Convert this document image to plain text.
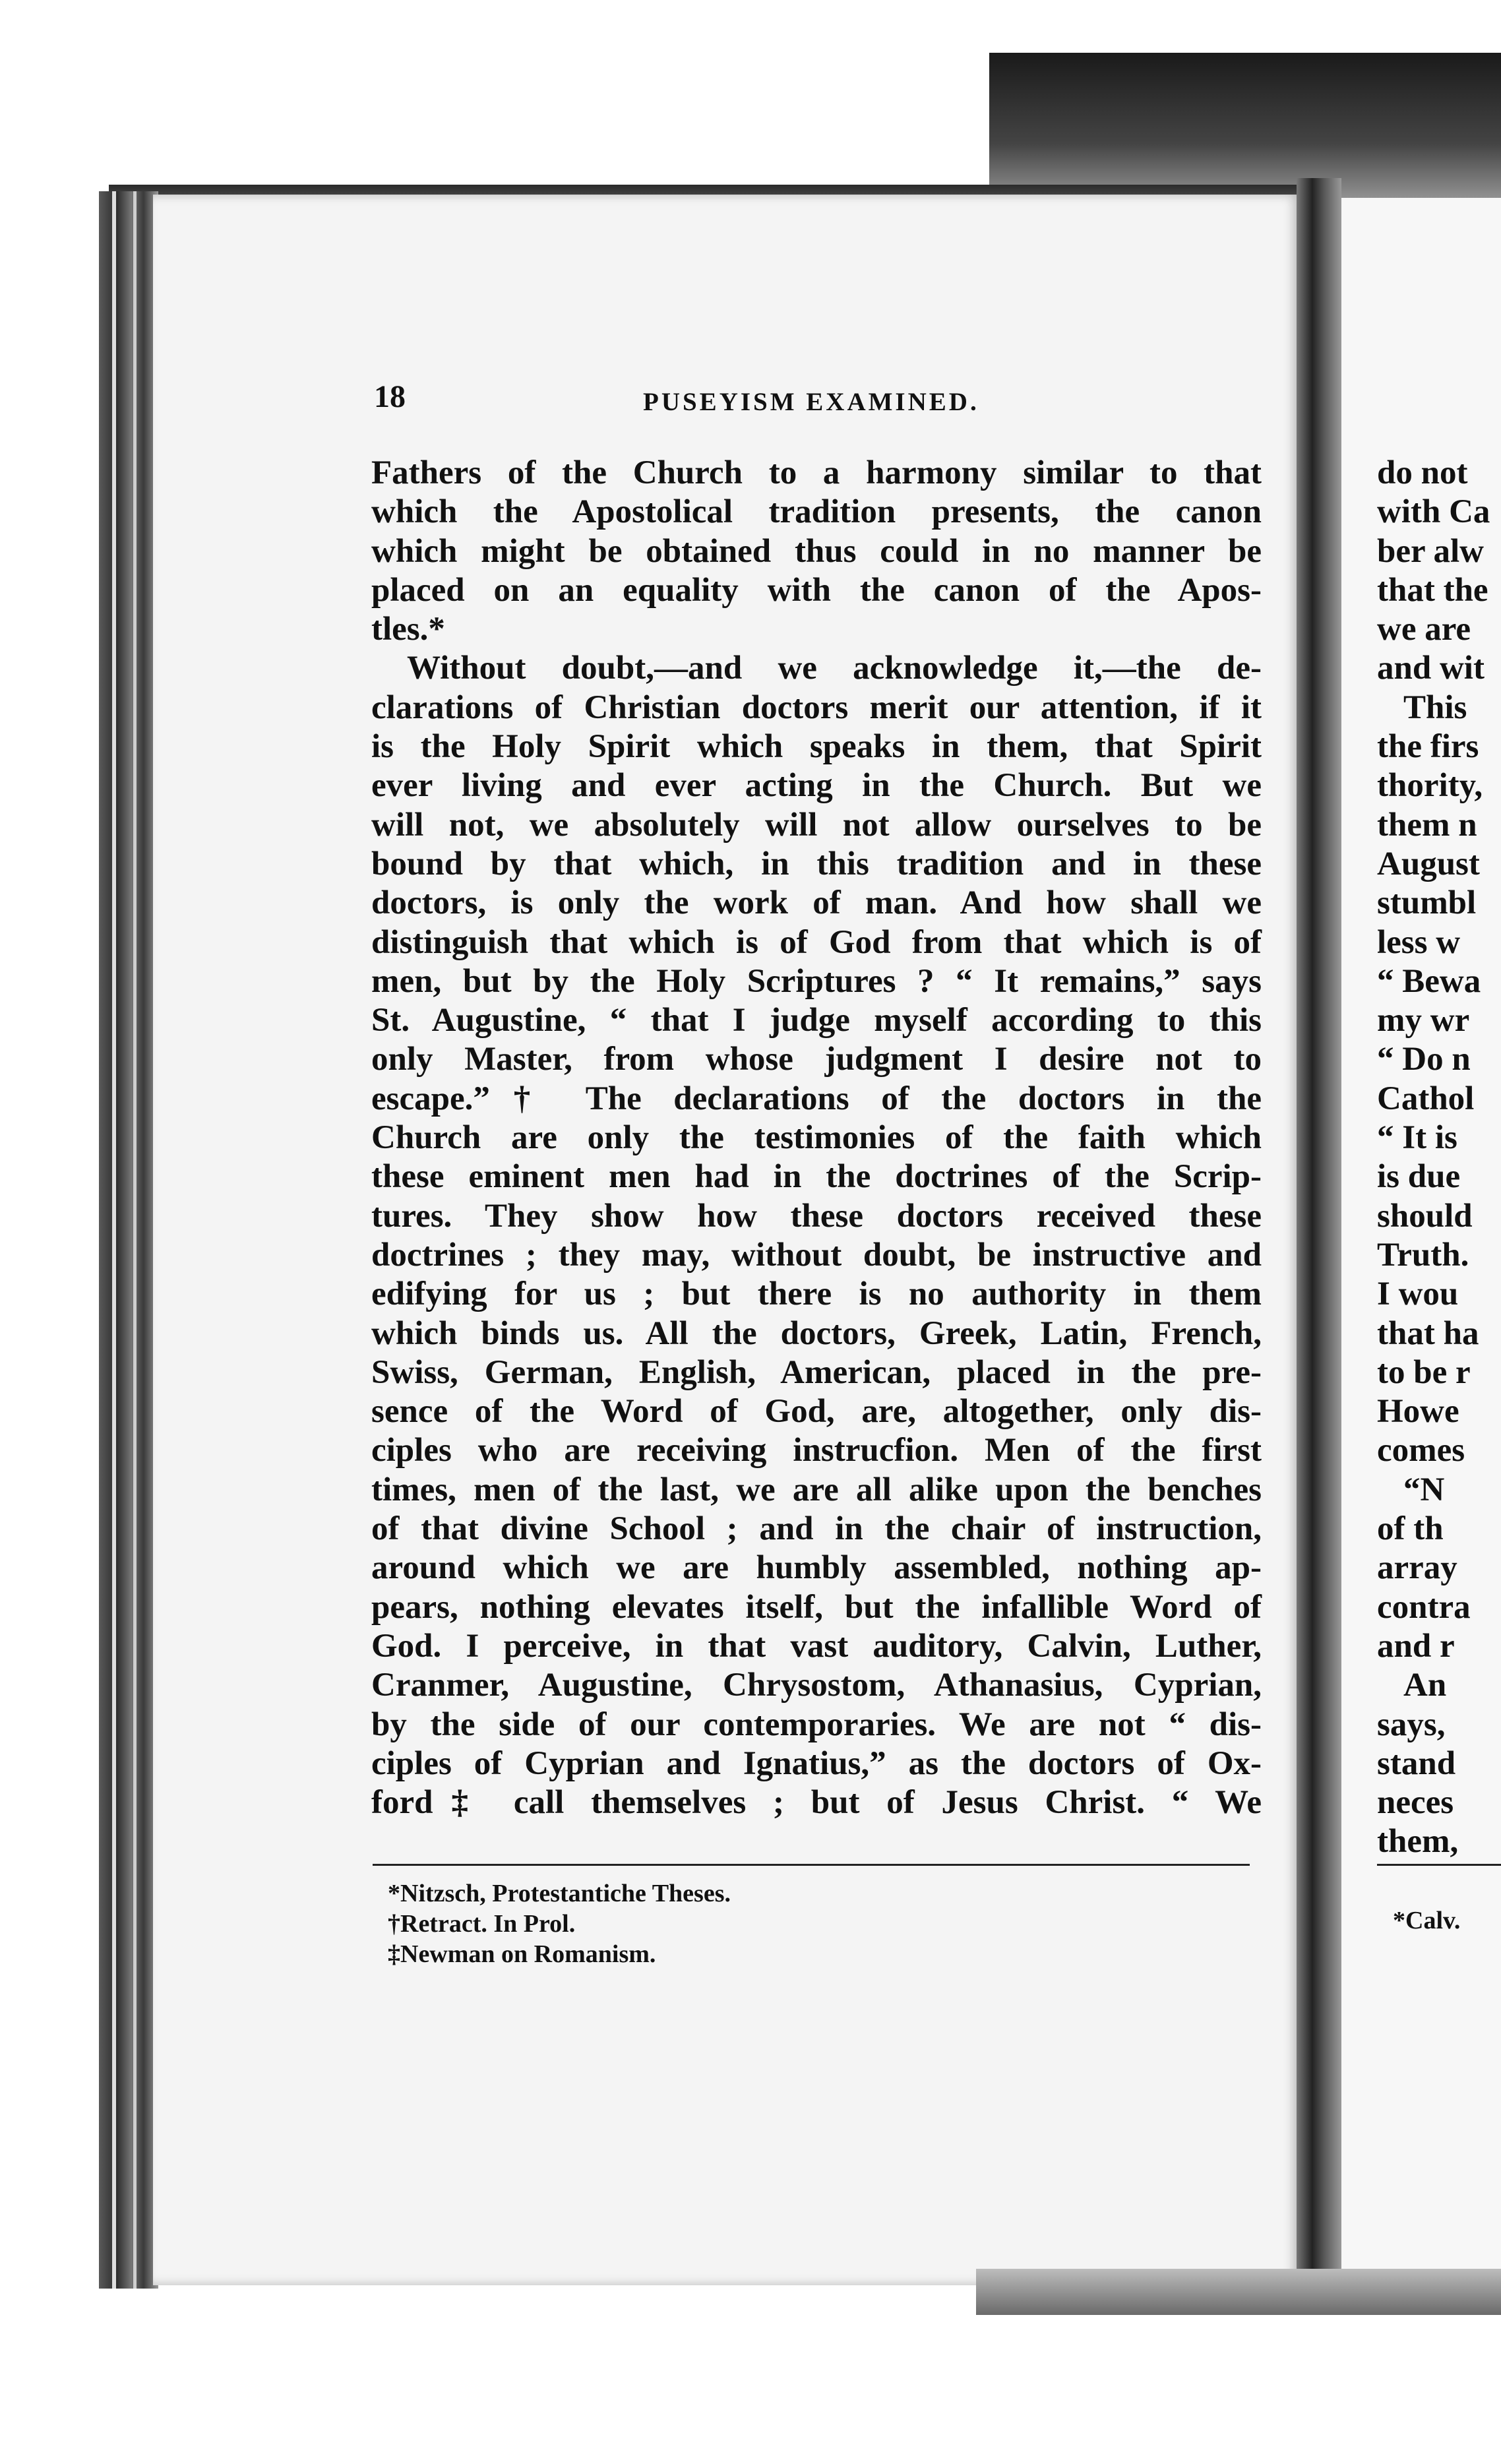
18	PUSEYISM EXAMINED.
Fathers of the Church to a harmony similar to that
which the Apostolical tradition presents, the canon
which might be obtained thus could in no manner be
placed on an equality with the canon of the Apos-
tles.*
Without doubt,—and we acknowledge it,—the de-
clarations of Christian doctors merit our attention, if it
is the Holy Spirit which speaks in them, that Spirit
ever living and ever acting in the Church. But we
will not, we absolutely will not allow ourselves to be
bound by that which, in this tradition and in these
doctors, is only the work of man. And how shall we
distinguish that which is of God from that which is of
men, but by the Holy Scriptures ? “ It remains,” says
St. Augustine, “ that I judge myself according to this
only Master, from whose judgment I desire not to
escape.”† The declarations of the doctors in the
Church are only the testimonies of the faith which
these eminent men had in the doctrines of the Scrip-
tures. They show how these doctors received these
doctrines ; they may, without doubt, be instructive and
edifying for us ; but there is no authority in them
which binds us. All the doctors, Greek, Latin, French,
Swiss, German, English, American, placed in the pre-
sence of the Word of God, are, altogether, only dis-
ciples who are receiving instrucfion. Men of the first
times, men of the last, we are all alike upon the benches
of that divine School ; and in the chair of instruction,
around which we are humbly assembled, nothing ap-
pears, nothing elevates itself, but the infallible Word of
God. I perceive, in that vast auditory, Calvin, Luther,
Cranmer, Augustine, Chrysostom, Athanasius, Cyprian,
by the side of our contemporaries. We are not “ dis-
ciples of Cyprian and Ignatius,” as the doctors of Ox-
ford‡ call themselves ; but of Jesus Christ. “ We
*Nitzsch, Protestantiche Theses.
†Retract. In Prol.
‡Newman on Romanism.
do not
with Ca
ber alw
that the
we are
and wit
This
the firs
thority,
them n
August
stumbl
less w
“ Bewa
my wr
“ Do n
Cathol
“ It is
is due
should
Truth.
I wou
that ha
to be r
Howe
comes
“N
of th
array
contra
and r
An
says,
stand
neces
them,
*Calv.
